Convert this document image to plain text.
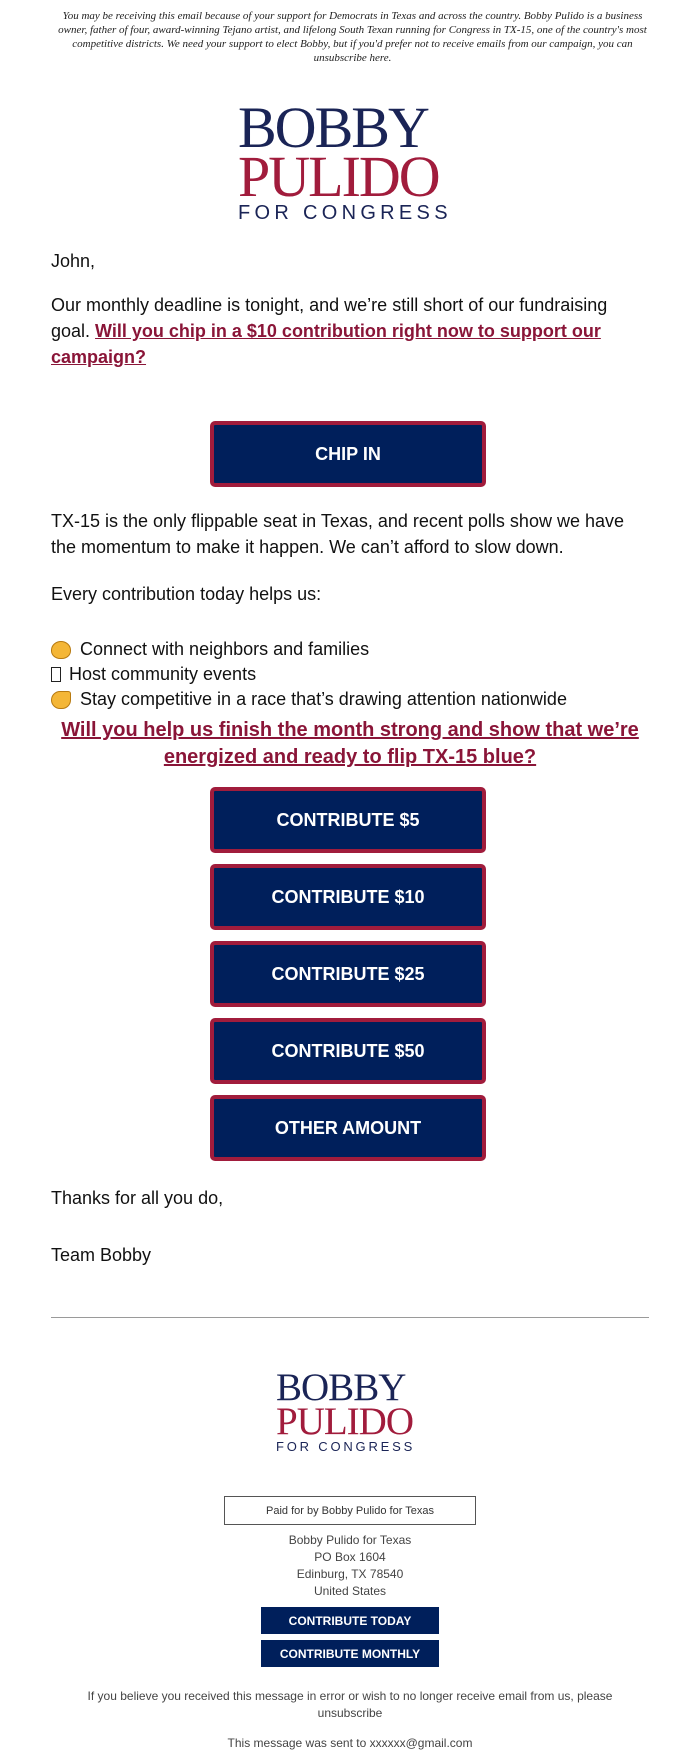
You may be receiving this email because of your support for Democrats in Texas and across the country. Bobby Pulido is a business owner, father of four, award-winning Tejano artist, and lifelong South Texan running for Congress in TX-15, one of the country's most competitive districts. We need your support to elect Bobby, but if you'd prefer not to receive emails from our campaign, you can unsubscribe here.
BOBBY
PULIDO
FOR CONGRESS
John,
Our monthly deadline is tonight, and we’re still short of our fundraising goal. Will you chip in a $10 contribution right now to support our campaign?
CHIP IN
TX-15 is the only flippable seat in Texas, and recent polls show we have the momentum to make it happen. We can’t afford to slow down.
Every contribution today helps us:
Connect with neighbors and families
Host community events
Stay competitive in a race that’s drawing attention nationwide
Will you help us finish the month strong and show that we’re energized and ready to flip TX-15 blue?
CONTRIBUTE $5
CONTRIBUTE $10
CONTRIBUTE $25
CONTRIBUTE $50
OTHER AMOUNT
Thanks for all you do,
Team Bobby
BOBBY
PULIDO
FOR CONGRESS
Paid for by Bobby Pulido for Texas
Bobby Pulido for Texas
PO Box 1604
Edinburg, TX 78540
United States
CONTRIBUTE TODAY
CONTRIBUTE MONTHLY
If you believe you received this message in error or wish to no longer receive email from us, please unsubscribe
This message was sent to xxxxxx@gmail.com
